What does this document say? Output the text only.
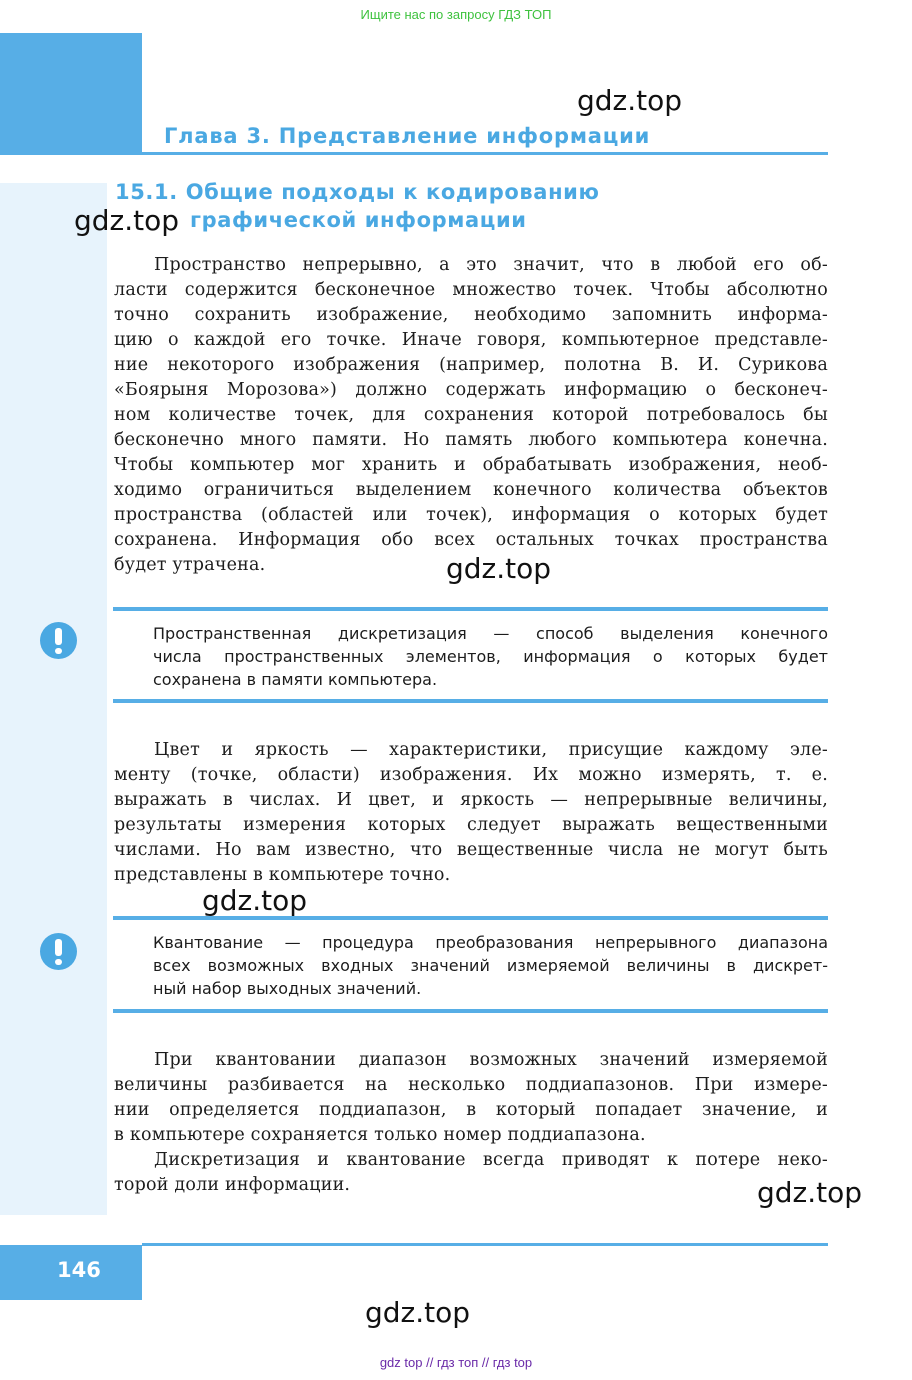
Ищите нас по запросу ГДЗ ТОП
Глава 3. Представление информации
15.1. Общие подходы к кодированию
графической информации
Пространство непрерывно, а это значит, что в любой его об-
ласти содержится бесконечное множество точек. Чтобы абсолютно
точно сохранить изображение, необходимо запомнить информа-
цию о каждой его точке. Иначе говоря, компьютерное представле-
ние некоторого изображения (например, полотна В. И. Сурикова
«Боярыня Морозова») должно содержать информацию о бесконеч-
ном количестве точек, для сохранения которой потребовалось бы
бесконечно много памяти. Но память любого компьютера конечна.
Чтобы компьютер мог хранить и обрабатывать изображения, необ-
ходимо ограничиться выделением конечного количества объектов
пространства (областей или точек), информация о которых будет
сохранена. Информация обо всех остальных точках пространства
будет утрачена.
Пространственная дискретизация — способ выделения конечного
числа пространственных элементов, информация о которых будет
сохранена в памяти компьютера.
Цвет и яркость — характеристики, присущие каждому эле-
менту (точке, области) изображения. Их можно измерять, т. е.
выражать в числах. И цвет, и яркость — непрерывные величины,
результаты измерения которых следует выражать вещественными
числами. Но вам известно, что вещественные числа не могут быть
представлены в компьютере точно.
Квантование — процедура преобразования непрерывного диапазона
всех возможных входных значений измеряемой величины в дискрет-
ный набор выходных значений.
При квантовании диапазон возможных значений измеряемой
величины разбивается на несколько поддиапазонов. При измере-
нии определяется поддиапазон, в который попадает значение, и
в компьютере сохраняется только номер поддиапазона.
Дискретизация и квантование всегда приводят к потере неко-
торой доли информации.
146
gdz.top
gdz.top
gdz.top
gdz.top
gdz.top
gdz.top
gdz top // гдз топ // гдз top
